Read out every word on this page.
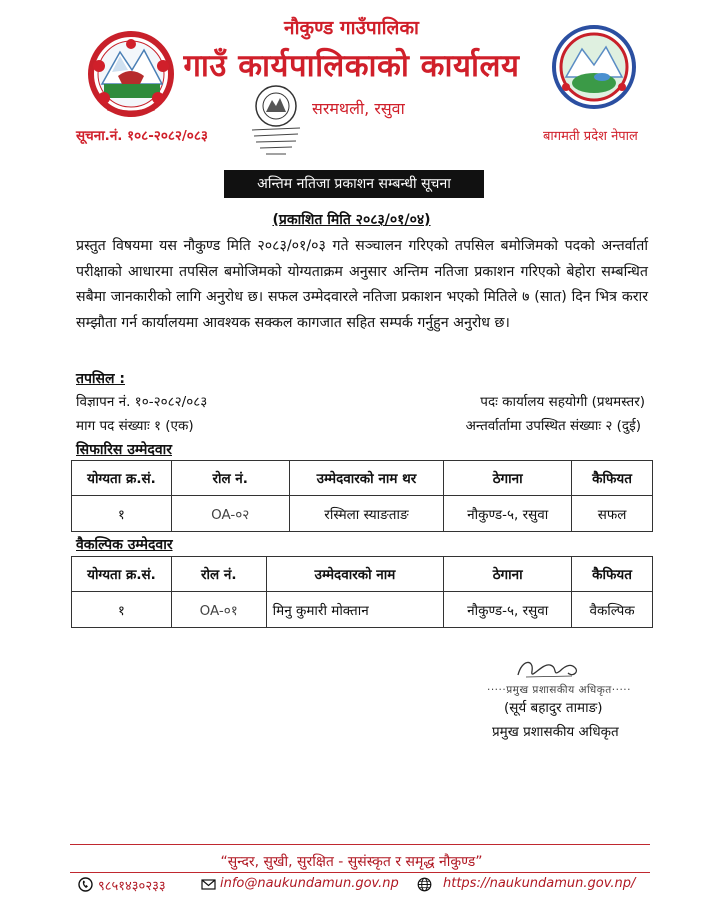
नौकुण्ड गाउँपालिका
गाउँ कार्यपालिकाको कार्यालय
सरमथली, रसुवा
सूचना.नं. १०८-२०८२/०८३	बागमती प्रदेश नेपाल
अन्तिम नतिजा प्रकाशन सम्बन्धी सूचना
(प्रकाशित मिति २०८३/०१/०४)
प्रस्तुत विषयमा यस नौकुण्ड मिति २०८३/०१/०३ गते सञ्चालन गरिएको तपसिल बमोजिमको पदको अन्तर्वार्ता परीक्षाको आधारमा तपसिल बमोजिमको योग्यताक्रम अनुसार अन्तिम नतिजा प्रकाशन गरिएको बेहोरा सम्बन्धित सबैमा जानकारीको लागि अनुरोध छ। सफल उम्मेदवारले नतिजा प्रकाशन भएको मितिले ७ (सात) दिन भित्र करार सम्झौता गर्न कार्यालयमा आवश्यक सक्कल कागजात सहित सम्पर्क गर्नुहुन अनुरोध छ।
तपसिल :
विज्ञापन नं. १०-२०८२/०८३	पदः कार्यालय सहयोगी (प्रथमस्तर)
माग पद संख्याः १ (एक)	अन्तर्वार्तामा उपस्थित संख्याः २ (दुई)
सिफारिस उम्मेदवार
योग्यता क्र.सं.	रोल नं.	उम्मेदवारको नाम थर	ठेगाना	कैफियत
१	OA-०२	रस्मिला स्याङताङ	नौकुण्ड-५, रसुवा	सफल
वैकल्पिक उम्मेदवार
योग्यता क्र.सं.	रोल नं.	उम्मेदवारको नाम	ठेगाना	कैफियत
१	OA-०१	मिनु कुमारी मोक्तान	नौकुण्ड-५, रसुवा	वैकल्पिक
·····प्रमुख प्रशासकीय अधिकृत·····
(सूर्य बहादुर तामाङ)
प्रमुख प्रशासकीय अधिकृत
“सुन्दर, सुखी, सुरक्षित - सुसंस्कृत र समृद्ध नौकुण्ड”
९८५१४३०२३३	info@naukundamun.gov.np	https://naukundamun.gov.np/
